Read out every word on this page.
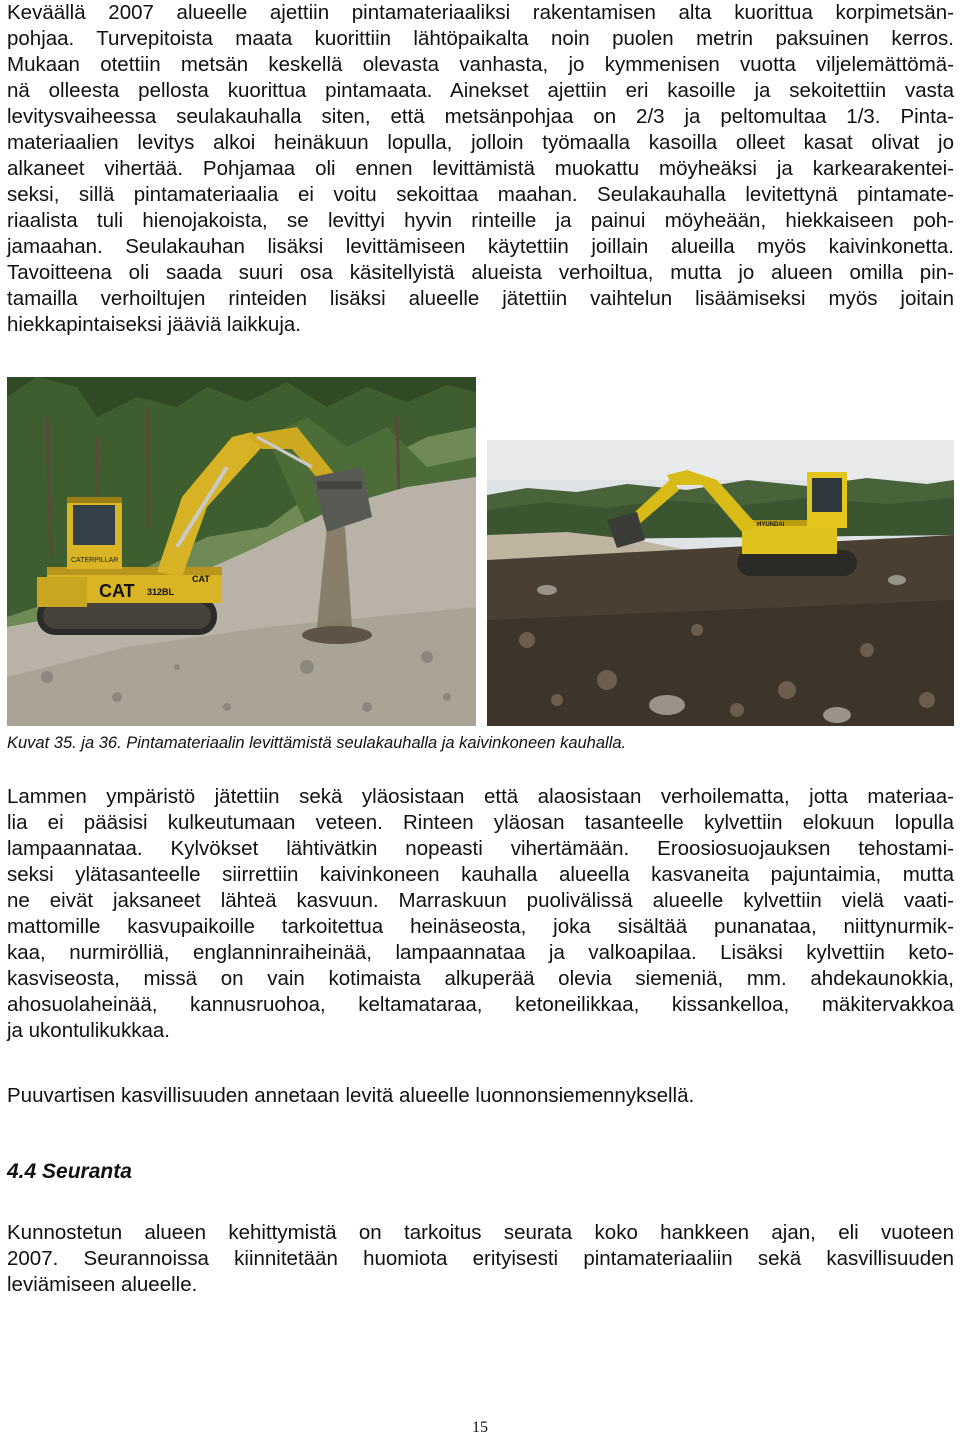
Keväällä 2007 alueelle ajettiin pintamateriaaliksi rakentamisen alta kuorittua korpimetsän-
pohjaa. Turvepitoista maata kuorittiin lähtöpaikalta noin puolen metrin paksuinen kerros.
Mukaan otettiin metsän keskellä olevasta vanhasta, jo kymmenisen vuotta viljelemättömä-
nä olleesta pellosta kuorittua pintamaata. Ainekset ajettiin eri kasoille ja sekoitettiin vasta
levitysvaiheessa seulakauhalla siten, että metsänpohjaa on 2/3 ja peltomultaa 1/3. Pinta-
materiaalien levitys alkoi heinäkuun lopulla, jolloin työmaalla kasoilla olleet kasat olivat jo
alkaneet vihertää. Pohjamaa oli ennen levittämistä muokattu möyheäksi ja karkearakentei-
seksi, sillä pintamateriaalia ei voitu sekoittaa maahan. Seulakauhalla levitettynä pintamate-
riaalista tuli hienojakoista, se levittyi hyvin rinteille ja painui möyheään, hiekkaiseen poh-
jamaahan. Seulakauhan lisäksi levittämiseen käytettiin joillain alueilla myös kaivinkonetta.
Tavoitteena oli saada suuri osa käsitellyistä alueista verhoiltua, mutta jo alueen omilla pin-
tamailla verhoiltujen rinteiden lisäksi alueelle jätettiin vaihtelun lisäämiseksi myös joitain
hiekkapintaiseksi jääviä laikkuja.
CATERPILLAR
CAT 312BL
CAT
HYUNDAI
Kuvat 35. ja 36. Pintamateriaalin levittämistä seulakauhalla ja kaivinkoneen kauhalla.
Lammen ympäristö jätettiin sekä yläosistaan että alaosistaan verhoilematta, jotta materiaa-
lia ei pääsisi kulkeutumaan veteen. Rinteen yläosan tasanteelle kylvettiin elokuun lopulla
lampaannataa. Kylvökset lähtivätkin nopeasti vihertämään. Eroosiosuojauksen tehostami-
seksi ylätasanteelle siirrettiin kaivinkoneen kauhalla alueella kasvaneita pajuntaimia, mutta
ne eivät jaksaneet lähteä kasvuun. Marraskuun puolivälissä alueelle kylvettiin vielä vaati-
mattomille kasvupaikoille tarkoitettua heinäseosta, joka sisältää punanataa, niittynurmik-
kaa, nurmirölliä, englanninraiheinää, lampaannataa ja valkoapilaa. Lisäksi kylvettiin keto-
kasviseosta, missä on vain kotimaista alkuperää olevia siemeniä, mm. ahdekaunokkia,
ahosuolaheinää, kannusruohoa, keltamataraa, ketoneilikkaa, kissankelloa, mäkitervakkoa
ja ukontulikukkaa.
Puuvartisen kasvillisuuden annetaan levitä alueelle luonnonsiemennyksellä.
4.4 Seuranta
Kunnostetun alueen kehittymistä on tarkoitus seurata koko hankkeen ajan, eli vuoteen
2007. Seurannoissa kiinnitetään huomiota erityisesti pintamateriaaliin sekä kasvillisuuden
leviämiseen alueelle.
15
